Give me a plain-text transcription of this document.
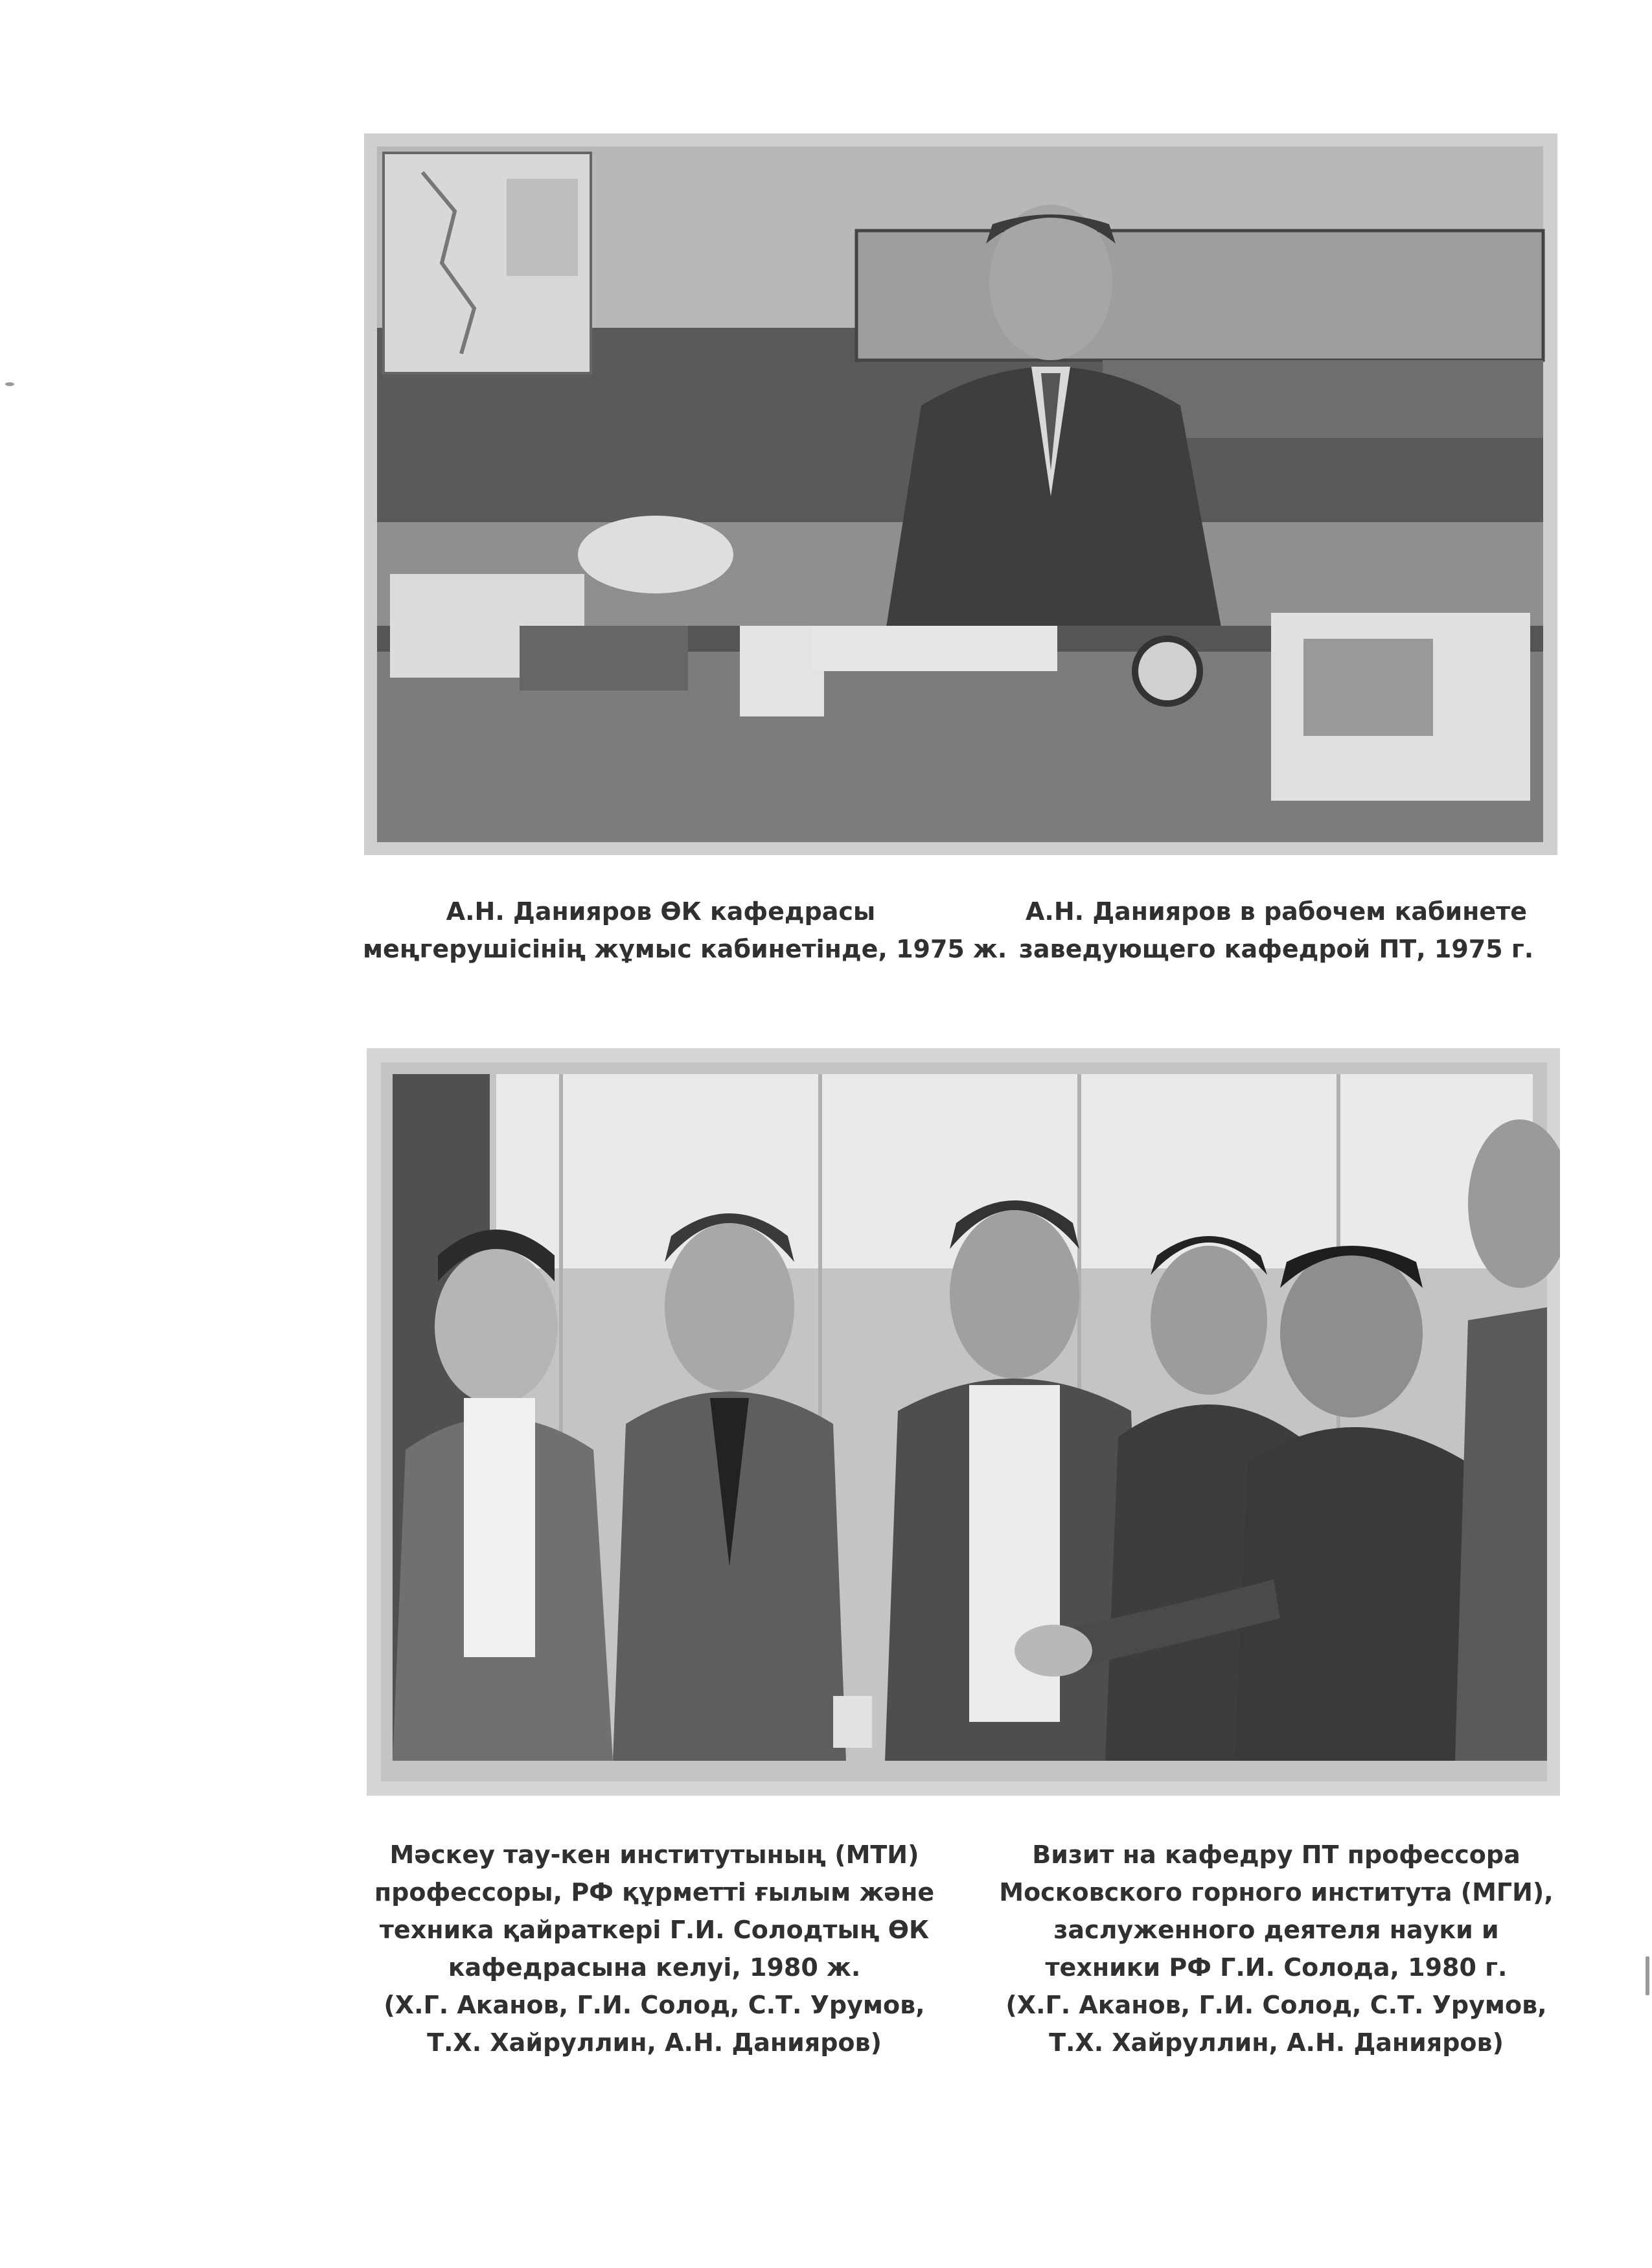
А.Н. Данияров ӨК кафедрасы
меңгерушісінің жұмыс кабинетінде, 1975 ж.
А.Н. Данияров в рабочем кабинете
заведующего кафедрой ПТ, 1975 г.
Мәскеу тау-кен институтының (МТИ)
профессоры, РФ құрметті ғылым және
техника қайраткері Г.И. Солодтың ӨК
кафедрасына келуі, 1980 ж.
(Х.Г. Аканов, Г.И. Солод, С.Т. Урумов,
Т.Х. Хайруллин, А.Н. Данияров)
Визит на кафедру ПТ профессора
Московского горного института (МГИ),
заслуженного деятеля науки и
техники РФ Г.И. Солода, 1980 г.
(Х.Г. Аканов, Г.И. Солод, С.Т. Урумов,
Т.Х. Хайруллин, А.Н. Данияров)
